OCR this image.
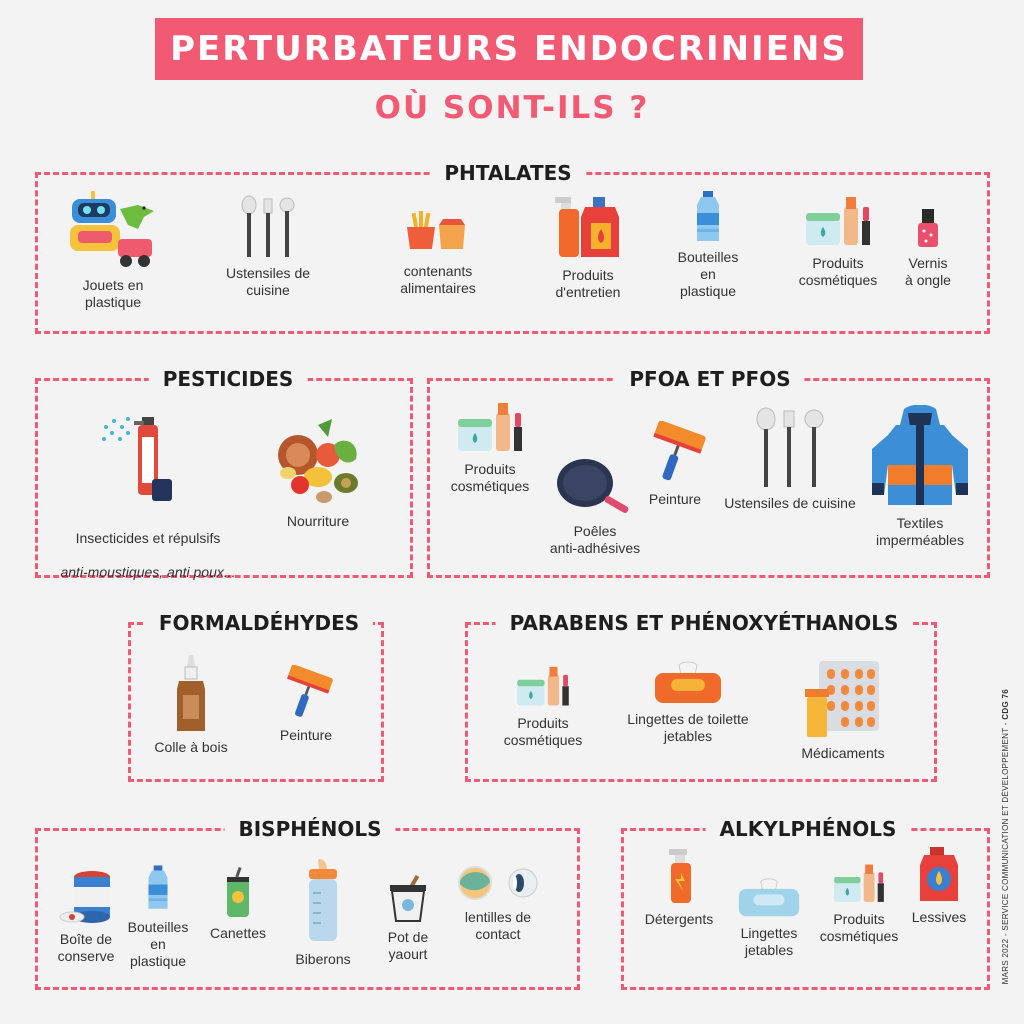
PERTURBATEURS ENDOCRINIENS
OÙ SONT-ILS ?
PHTALATES
Jouets en
plastique
Ustensiles de
cuisine
contenants
alimentaires
Produits
d'entretien
Bouteilles
en
plastique
Produits
cosmétiques
Vernis
à ongle
PESTICIDES

Insecticides et répulsifs

anti-moustiques, anti poux...

Nourriture
PFOA ET PFOS
Produits
cosmétiques
Poêles
anti-adhésives
Peinture	Ustensiles de cuisine
Textiles
imperméables
FORMALDÉHYDES
Colle à bois
Peinture
PARABENS ET PHÉNOXYÉTHANOLS
Produits
cosmétiques
Lingettes de toilette
jetables
Médicaments
BISPHÉNOLS
Boîte de
conserve
Bouteilles
en
plastique
Canettes
Biberons
Pot de
yaourt
lentilles de
contact
ALKYLPHÉNOLS
Détergents
Lingettes
jetables
Produits
cosmétiques
Lessives	MARS 2022 - SERVICE COMMUNICATION ET DÉVELOPPEMENT - CDG 76
